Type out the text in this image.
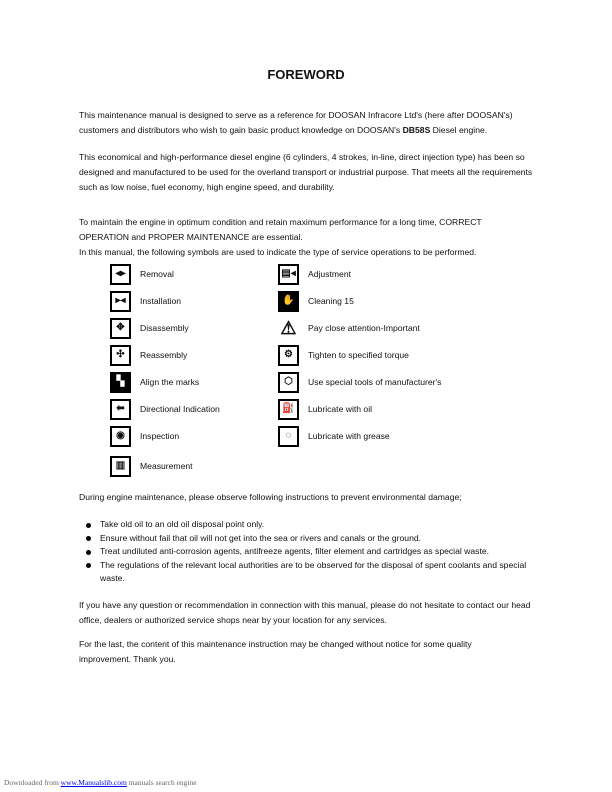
FOREWORD
This maintenance manual is designed to serve as a reference for DOOSAN Infracore Ltd's (here after DOOSAN's) customers and distributors who wish to gain basic product knowledge on DOOSAN's DB58S Diesel engine.
This economical and high-performance diesel engine (6 cylinders, 4 strokes, in-line, direct injection type) has been so designed and manufactured to be used for the overland transport or industrial purpose. That meets all the requirements such as low noise, fuel economy, high engine speed, and durability.
To maintain the engine in optimum condition and retain maximum performance for a long time, CORRECT OPERATION and PROPER MAINTENANCE are essential.
In this manual, the following symbols are used to indicate the type of service operations to be performed.
◂▸	Removal
▸◂	Installation
✥	Disassembly
✣	Reassembly
▚	Align the marks
⬅	Directional Indication
◉	Inspection
▥	Measurement
▤◂	Adjustment
✋	Cleaning 15
⚠ Pay close attention-Important
⚙	Tighten to specified torque
⬡	Use special tools of manufacturer's
⛽	Lubricate with oil
◌	Lubricate with grease
During engine maintenance, please observe following instructions to prevent environmental damage;
Take old oil to an old oil disposal point only.
Ensure without fail that oil will not get into the sea or rivers and canals or the ground.
Treat undiluted anti-corrosion agents, antifreeze agents, filter element and cartridges as special waste.
The regulations of the relevant local authorities are to be observed for the disposal of spent coolants and special waste.
If you have any question or recommendation in connection with this manual, please do not hesitate to contact our head office, dealers or authorized service shops near by your location for any services.
For the last, the content of this maintenance instruction may be changed without notice for some quality improvement. Thank you.
Downloaded from www.Manualslib.com manuals search engine
